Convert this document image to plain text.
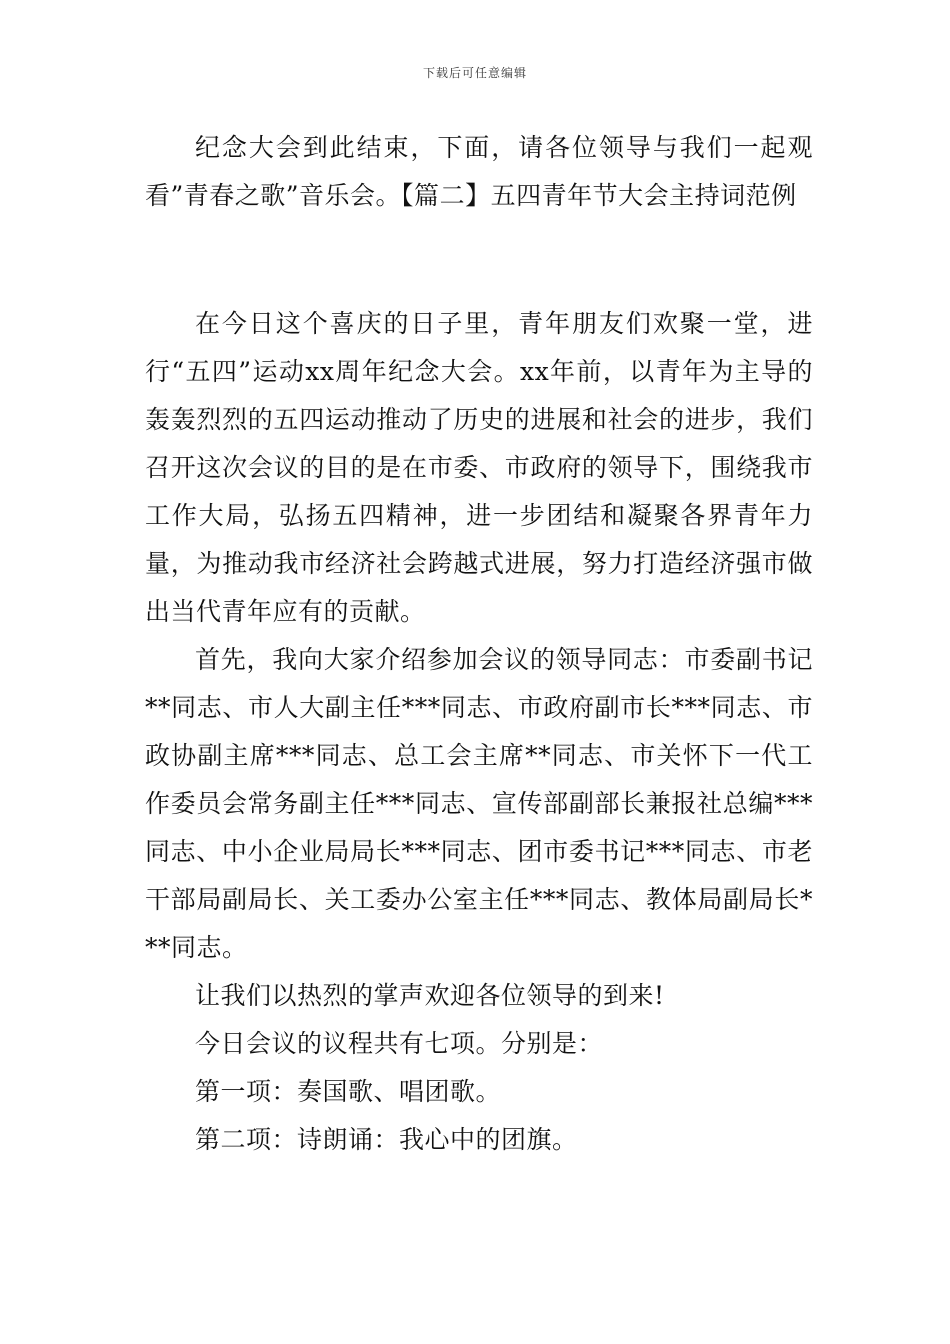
下载后可任意编辑

纪念大会到此结束，下面，请各位领导与我们一起观看”青春之歌”音乐会。【篇二】五四青年节大会主持词范例

在今日这个喜庆的日子里，青年朋友们欢聚一堂，进行“五四”运动xx周年纪念大会。xx年前，以青年为主导的轰轰烈烈的五四运动推动了历史的进展和社会的进步，我们召开这次会议的目的是在市委、市政府的领导下，围绕我市工作大局，弘扬五四精神，进一步团结和凝聚各界青年力量，为推动我市经济社会跨越式进展，努力打造经济强市做出当代青年应有的贡献。

首先，我向大家介绍参加会议的领导同志：市委副书记**同志、市人大副主任***同志、市政府副市长***同志、市政协副主席***同志、总工会主席**同志、市关怀下一代工作委员会常务副主任***同志、宣传部副部长兼报社总编***同志、中小企业局局长***同志、团市委书记***同志、市老干部局副局长、关工委办公室主任***同志、教体局副局长***同志。

让我们以热烈的掌声欢迎各位领导的到来!

今日会议的议程共有七项。分别是：

第一项：奏国歌、唱团歌。

第二项：诗朗诵：我心中的团旗。
